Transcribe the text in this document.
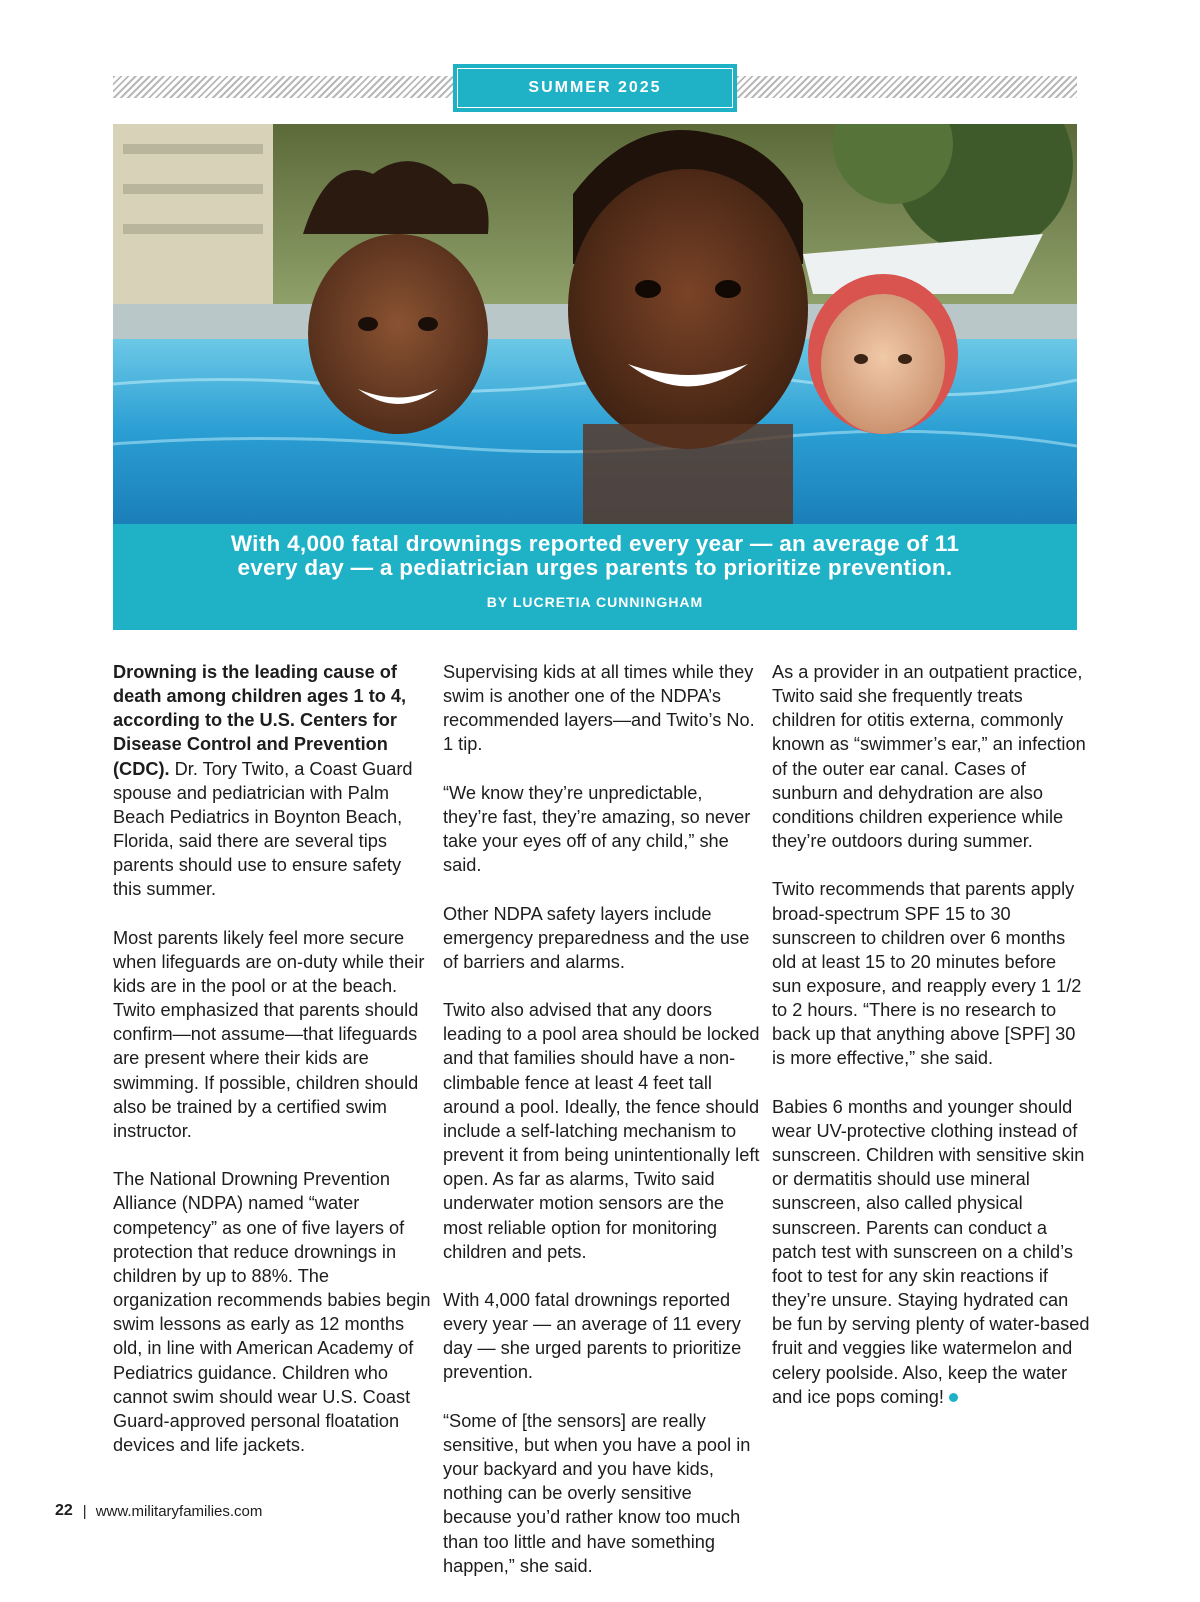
SUMMER 2025
With 4,000 fatal drownings reported every year — an average of 11
every day — a pediatrician urges parents to prioritize prevention.
BY LUCRETIA CUNNINGHAM

Drowning is the leading cause of death among children ages 1 to 4, according to the U.S. Centers for Disease Control and Prevention (CDC). Dr. Tory Twito, a Coast Guard spouse and pediatrician with Palm Beach Pediatrics in Boynton Beach, Florida, said there are several tips parents should use to ensure safety this summer.

Most parents likely feel more secure when lifeguards are on-duty while their kids are in the pool or at the beach. Twito emphasized that parents should confirm—not assume—that lifeguards are present where their kids are swimming. If possible, children should also be trained by a certified swim instructor.

The National Drowning Prevention Alliance (NDPA) named “water competency” as one of five layers of protection that reduce drownings in children by up to 88%. The organization recommends babies begin swim lessons as early as 12 months old, in line with American Academy of Pediatrics guidance. Children who cannot swim should wear U.S. Coast Guard-approved personal floatation devices and life jackets.

Supervising kids at all times while they swim is another one of the NDPA’s recommended layers—and Twito’s No. 1 tip.

“We know they’re unpredictable, they’re fast, they’re amazing, so never take your eyes off of any child,” she said.

Other NDPA safety layers include emergency preparedness and the use of barriers and alarms.

Twito also advised that any doors leading to a pool area should be locked and that families should have a non-climbable fence at least 4 feet tall around a pool. Ideally, the fence should include a self-latching mechanism to prevent it from being unintentionally left open. As far as alarms, Twito said underwater motion sensors are the most reliable option for monitoring children and pets.

With 4,000 fatal drownings reported every year — an average of 11 every day — she urged parents to prioritize prevention.

“Some of [the sensors] are really sensitive, but when you have a pool in your backyard and you have kids, nothing can be overly sensitive because you’d rather know too much than too little and have something happen,” she said.

As a provider in an outpatient practice, Twito said she frequently treats children for otitis externa, commonly known as “swimmer’s ear,” an infection of the outer ear canal. Cases of sunburn and dehydration are also conditions children experience while they’re outdoors during summer.

Twito recommends that parents apply broad-spectrum SPF 15 to 30 sunscreen to children over 6 months old at least 15 to 20 minutes before sun exposure, and reapply every 1 1/2 to 2 hours. “There is no research to back up that anything above [SPF] 30 is more effective,” she said.

Babies 6 months and younger should wear UV-protective clothing instead of sunscreen. Children with sensitive skin or dermatitis should use mineral sunscreen, also called physical sunscreen. Parents can conduct a patch test with sunscreen on a child’s foot to test for any skin reactions if they’re unsure. Staying hydrated can be fun by serving plenty of water-based fruit and veggies like watermelon and celery poolside. Also, keep the water and ice pops coming!

22 | www.militaryfamilies.com
